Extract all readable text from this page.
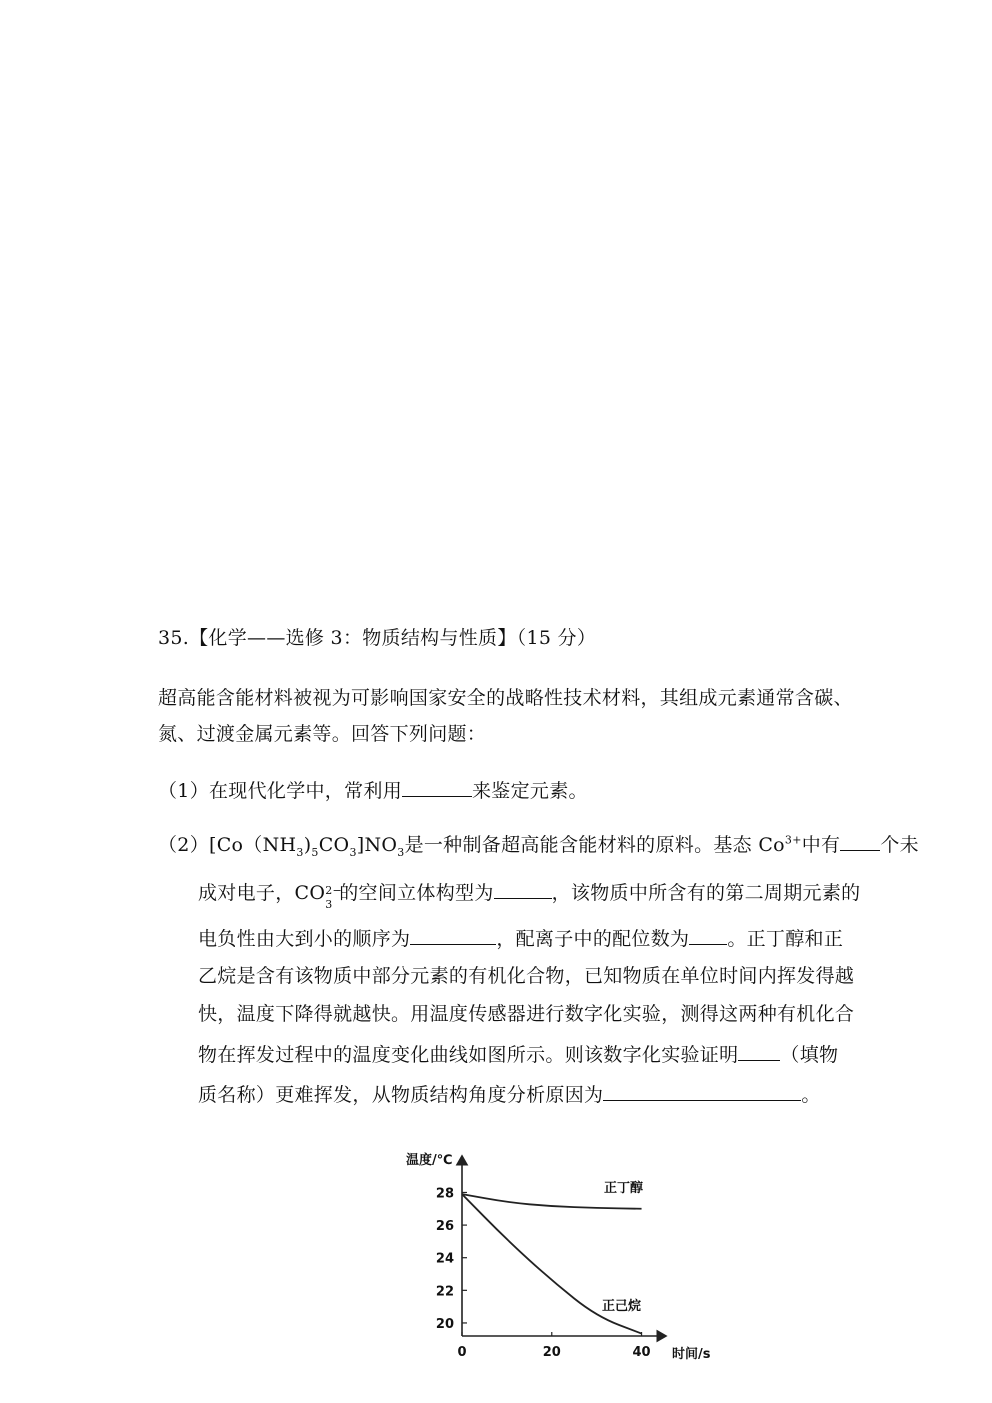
35.【化学——选修 3：物质结构与性质】（15 分）
超高能含能材料被视为可影响国家安全的战略性技术材料，其组成元素通常含碳、
氮、过渡金属元素等。回答下列问题：
（1）在现代化学中，常利用	来鉴定元素。
$(2)[Co(NH_3)_5CO_3]NO_3$是一种制备超高能含能材料的原料。基态 $Co^{3+}$中有 个未
成对电子，CO 2−
3
的空间立体构型为	，该物质中所含有的第二周期元素的
电负性由大到小的顺序为	，配离子中的配位数为 。正丁醇和正
乙烷是含有该物质中部分元素的有机化合物，已知物质在单位时间内挥发得越
快，温度下降得就越快。用温度传感器进行数字化实验，测得这两种有机化合
物在挥发过程中的温度变化曲线如图所示。则该数字化实验证明 （填物
质名称）更难挥发，从物质结构角度分析原因为	。
28
26
24
22
20
0	20	40
温度/℃
时间/s
正丁醇
正己烷
